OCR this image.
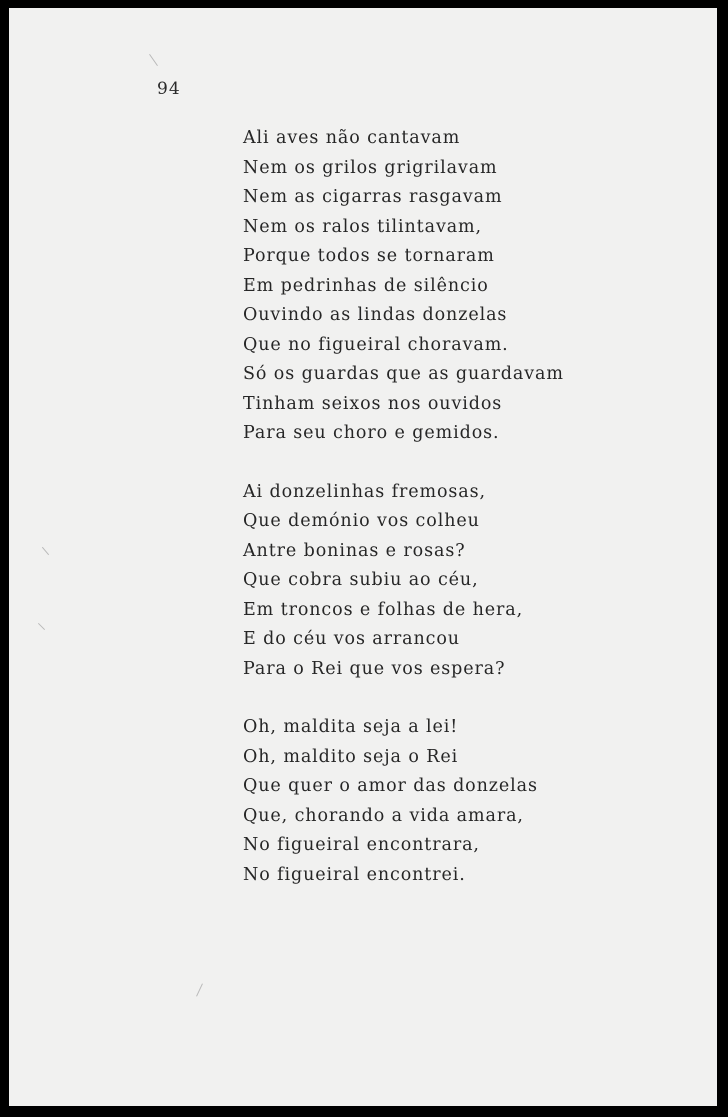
94
Ali aves não cantavam
Nem os grilos grigrilavam
Nem as cigarras rasgavam
Nem os ralos tilintavam,
Porque todos se tornaram
Em pedrinhas de silêncio
Ouvindo as lindas donzelas
Que no figueiral choravam.
Só os guardas que as guardavam
Tinham seixos nos ouvidos
Para seu choro e gemidos.
Ai donzelinhas fremosas,
Que demónio vos colheu
Antre boninas e rosas?
Que cobra subiu ao céu,
Em troncos e folhas de hera,
E do céu vos arrancou
Para o Rei que vos espera?
Oh, maldita seja a lei!
Oh, maldito seja o Rei
Que quer o amor das donzelas
Que, chorando a vida amara,
No figueiral encontrara,
No figueiral encontrei.
